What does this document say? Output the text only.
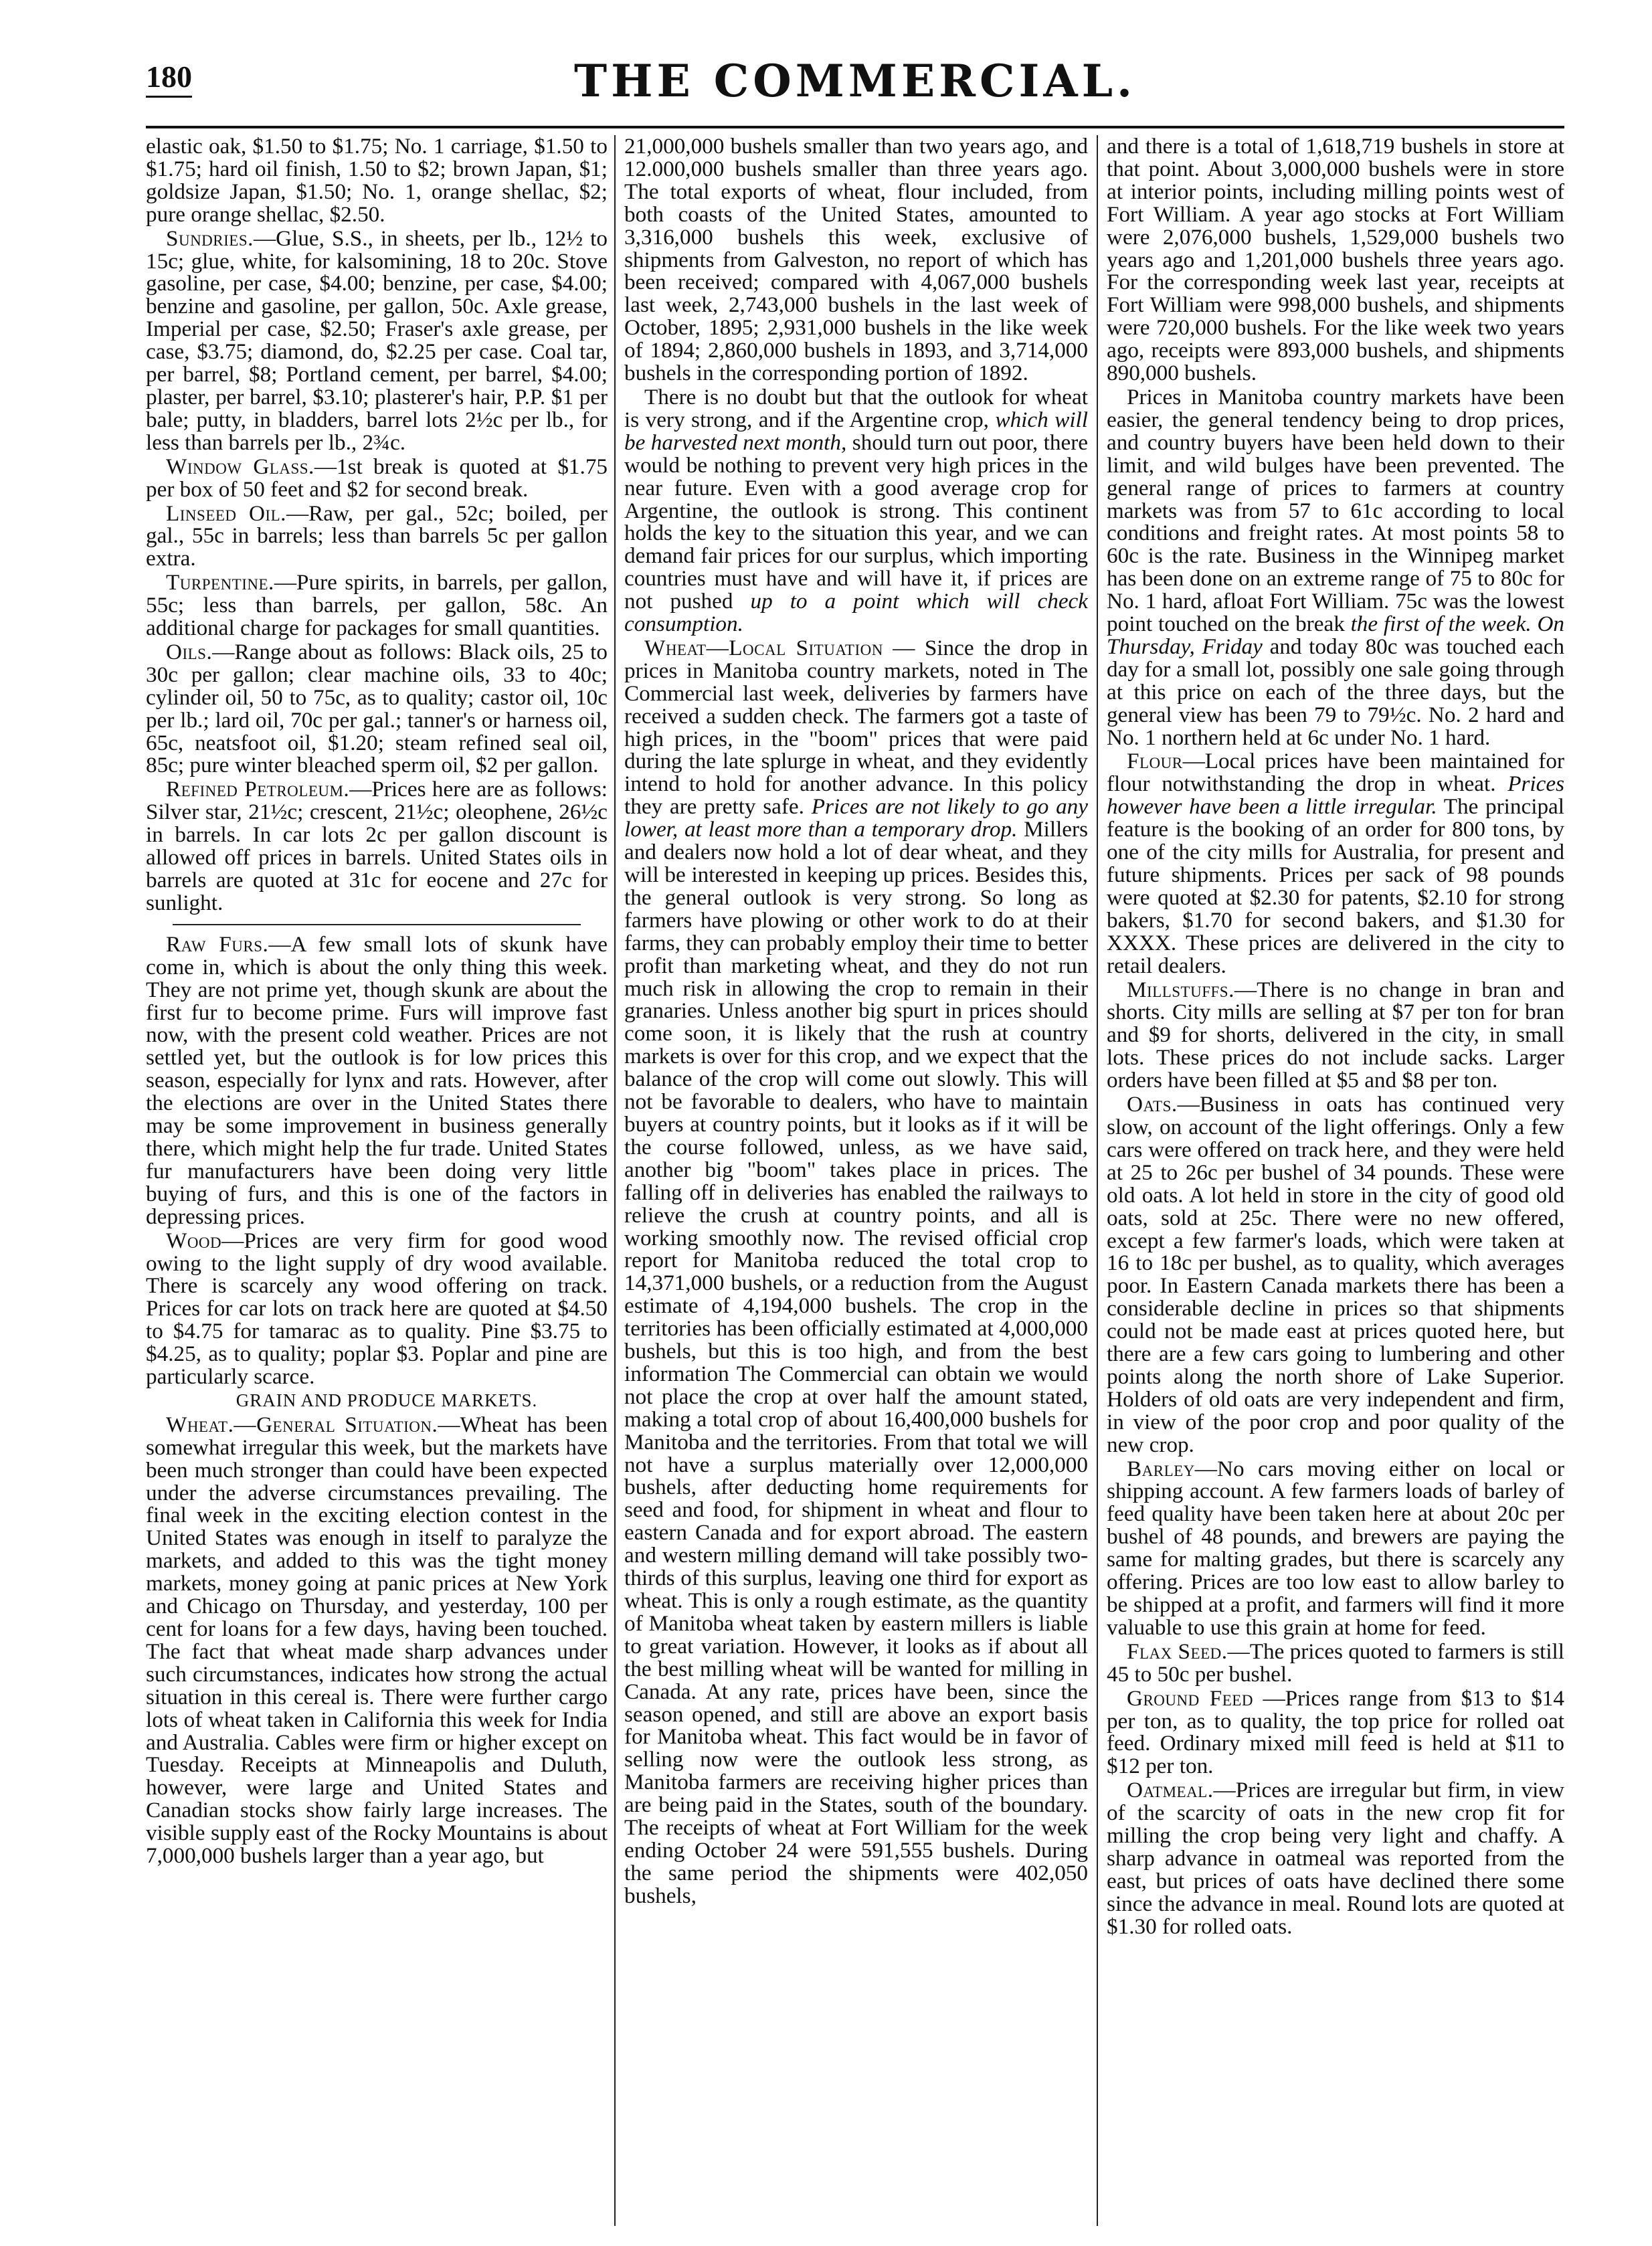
180	THE COMMERCIAL.

elastic oak, $1.50 to $1.75; No. 1 carriage, $1.50 to $1.75; hard oil finish, 1.50 to $2; brown Japan, $1; goldsize Japan, $1.50; No. 1, orange shellac, $2; pure orange shellac, $2.50.

Sundries.—Glue, S.S., in sheets, per lb., 12½ to 15c; glue, white, for kalsomining, 18 to 20c. Stove gasoline, per case, $4.00; benzine, per case, $4.00; benzine and gasoline, per gallon, 50c. Axle grease, Imperial per case, $2.50; Fraser's axle grease, per case, $3.75; diamond, do, $2.25 per case. Coal tar, per barrel, $8; Portland cement, per barrel, $4.00; plaster, per barrel, $3.10; plasterer's hair, P.P. $1 per bale; putty, in bladders, barrel lots 2½c per lb., for less than barrels per lb., 2¾c.

Window Glass.—1st break is quoted at $1.75 per box of 50 feet and $2 for second break.

Linseed Oil.—Raw, per gal., 52c; boiled, per gal., 55c in barrels; less than barrels 5c per gallon extra.

Turpentine.—Pure spirits, in barrels, per gallon, 55c; less than barrels, per gallon, 58c. An additional charge for packages for small quantities.

Oils.—Range about as follows: Black oils, 25 to 30c per gallon; clear machine oils, 33 to 40c; cylinder oil, 50 to 75c, as to quality; castor oil, 10c per lb.; lard oil, 70c per gal.; tanner's or harness oil, 65c, neatsfoot oil, $1.20; steam refined seal oil, 85c; pure winter bleached sperm oil, $2 per gallon.

Refined Petroleum.—Prices here are as follows: Silver star, 21½c; crescent, 21½c; oleophene, 26½c in barrels. In car lots 2c per gallon discount is allowed off prices in barrels. United States oils in barrels are quoted at 31c for eocene and 27c for sunlight.

Raw Furs.—A few small lots of skunk have come in, which is about the only thing this week. They are not prime yet, though skunk are about the first fur to become prime. Furs will improve fast now, with the present cold weather. Prices are not settled yet, but the outlook is for low prices this season, especially for lynx and rats. However, after the elections are over in the United States there may be some improvement in business generally there, which might help the fur trade. United States fur manufacturers have been doing very little buying of furs, and this is one of the factors in depressing prices.

Wood—Prices are very firm for good wood owing to the light supply of dry wood available. There is scarcely any wood offering on track. Prices for car lots on track here are quoted at $4.50 to $4.75 for tamarac as to quality. Pine $3.75 to $4.25, as to quality; poplar $3. Poplar and pine are particularly scarce.

GRAIN AND PRODUCE MARKETS.

Wheat.—General Situation.—Wheat has been somewhat irregular this week, but the markets have been much stronger than could have been expected under the adverse circumstances prevailing. The final week in the exciting election contest in the United States was enough in itself to paralyze the markets, and added to this was the tight money markets, money going at panic prices at New York and Chicago on Thursday, and yesterday, 100 per cent for loans for a few days, having been touched. The fact that wheat made sharp advances under such circumstances, indicates how strong the actual situation in this cereal is. There were further cargo lots of wheat taken in California this week for India and Australia. Cables were firm or higher except on Tuesday. Receipts at Minneapolis and Duluth, however, were large and United States and Canadian stocks show fairly large increases. The visible supply east of the Rocky Mountains is about 7,000,000 bushels larger than a year ago, but

21,000,000 bushels smaller than two years ago, and 12.000,000 bushels smaller than three years ago. The total exports of wheat, flour included, from both coasts of the United States, amounted to 3,316,000 bushels this week, exclusive of shipments from Galveston, no report of which has been received; compared with 4,067,000 bushels last week, 2,743,000 bushels in the last week of October, 1895; 2,931,000 bushels in the like week of 1894; 2,860,000 bushels in 1893, and 3,714,000 bushels in the corresponding portion of 1892.

There is no doubt but that the outlook for wheat is very strong, and if the Argentine crop, which will be harvested next month, should turn out poor, there would be nothing to prevent very high prices in the near future. Even with a good average crop for Argentine, the outlook is strong. This continent holds the key to the situation this year, and we can demand fair prices for our surplus, which importing countries must have and will have it, if prices are not pushed up to a point which will check consumption.

Wheat—Local Situation — Since the drop in prices in Manitoba country markets, noted in The Commercial last week, deliveries by farmers have received a sudden check. The farmers got a taste of high prices, in the "boom" prices that were paid during the late splurge in wheat, and they evidently intend to hold for another advance. In this policy they are pretty safe. Prices are not likely to go any lower, at least more than a temporary drop. Millers and dealers now hold a lot of dear wheat, and they will be interested in keeping up prices. Besides this, the general outlook is very strong. So long as farmers have plowing or other work to do at their farms, they can probably employ their time to better profit than marketing wheat, and they do not run much risk in allowing the crop to remain in their granaries. Unless another big spurt in prices should come soon, it is likely that the rush at country markets is over for this crop, and we expect that the balance of the crop will come out slowly. This will not be favorable to dealers, who have to maintain buyers at country points, but it looks as if it will be the course followed, unless, as we have said, another big "boom" takes place in prices. The falling off in deliveries has enabled the railways to relieve the crush at country points, and all is working smoothly now. The revised official crop report for Manitoba reduced the total crop to 14,371,000 bushels, or a reduction from the August estimate of 4,194,000 bushels. The crop in the territories has been officially estimated at 4,000,000 bushels, but this is too high, and from the best information The Commercial can obtain we would not place the crop at over half the amount stated, making a total crop of about 16,400,000 bushels for Manitoba and the territories. From that total we will not have a surplus materially over 12,000,000 bushels, after deducting home requirements for seed and food, for shipment in wheat and flour to eastern Canada and for export abroad. The eastern and western milling demand will take possibly two-thirds of this surplus, leaving one third for export as wheat. This is only a rough estimate, as the quantity of Manitoba wheat taken by eastern millers is liable to great variation. However, it looks as if about all the best milling wheat will be wanted for milling in Canada. At any rate, prices have been, since the season opened, and still are above an export basis for Manitoba wheat. This fact would be in favor of selling now were the outlook less strong, as Manitoba farmers are receiving higher prices than are being paid in the States, south of the boundary. The receipts of wheat at Fort William for the week ending October 24 were 591,555 bushels. During the same period the shipments were 402,050 bushels,

and there is a total of 1,618,719 bushels in store at that point. About 3,000,000 bushels were in store at interior points, including milling points west of Fort William. A year ago stocks at Fort William were 2,076,000 bushels, 1,529,000 bushels two years ago and 1,201,000 bushels three years ago. For the corresponding week last year, receipts at Fort William were 998,000 bushels, and shipments were 720,000 bushels. For the like week two years ago, receipts were 893,000 bushels, and shipments 890,000 bushels.

Prices in Manitoba country markets have been easier, the general tendency being to drop prices, and country buyers have been held down to their limit, and wild bulges have been prevented. The general range of prices to farmers at country markets was from 57 to 61c according to local conditions and freight rates. At most points 58 to 60c is the rate. Business in the Winnipeg market has been done on an extreme range of 75 to 80c for No. 1 hard, afloat Fort William. 75c was the lowest point touched on the break the first of the week. On Thursday, Friday and today 80c was touched each day for a small lot, possibly one sale going through at this price on each of the three days, but the general view has been 79 to 79½c. No. 2 hard and No. 1 northern held at 6c under No. 1 hard.

Flour—Local prices have been maintained for flour notwithstanding the drop in wheat. Prices however have been a little irregular. The principal feature is the booking of an order for 800 tons, by one of the city mills for Australia, for present and future shipments. Prices per sack of 98 pounds were quoted at $2.30 for patents, $2.10 for strong bakers, $1.70 for second bakers, and $1.30 for XXXX. These prices are delivered in the city to retail dealers.

Millstuffs.—There is no change in bran and shorts. City mills are selling at $7 per ton for bran and $9 for shorts, delivered in the city, in small lots. These prices do not include sacks. Larger orders have been filled at $5 and $8 per ton.

Oats.—Business in oats has continued very slow, on account of the light offerings. Only a few cars were offered on track here, and they were held at 25 to 26c per bushel of 34 pounds. These were old oats. A lot held in store in the city of good old oats, sold at 25c. There were no new offered, except a few farmer's loads, which were taken at 16 to 18c per bushel, as to quality, which averages poor. In Eastern Canada markets there has been a considerable decline in prices so that shipments could not be made east at prices quoted here, but there are a few cars going to lumbering and other points along the north shore of Lake Superior. Holders of old oats are very independent and firm, in view of the poor crop and poor quality of the new crop.

Barley—No cars moving either on local or shipping account. A few farmers loads of barley of feed quality have been taken here at about 20c per bushel of 48 pounds, and brewers are paying the same for malting grades, but there is scarcely any offering. Prices are too low east to allow barley to be shipped at a profit, and farmers will find it more valuable to use this grain at home for feed.

Flax Seed.—The prices quoted to farmers is still 45 to 50c per bushel.

Ground Feed —Prices range from $13 to $14 per ton, as to quality, the top price for rolled oat feed. Ordinary mixed mill feed is held at $11 to $12 per ton.

Oatmeal.—Prices are irregular but firm, in view of the scarcity of oats in the new crop fit for milling the crop being very light and chaffy. A sharp advance in oatmeal was reported from the east, but prices of oats have declined there some since the advance in meal. Round lots are quoted at $1.30 for rolled oats.
